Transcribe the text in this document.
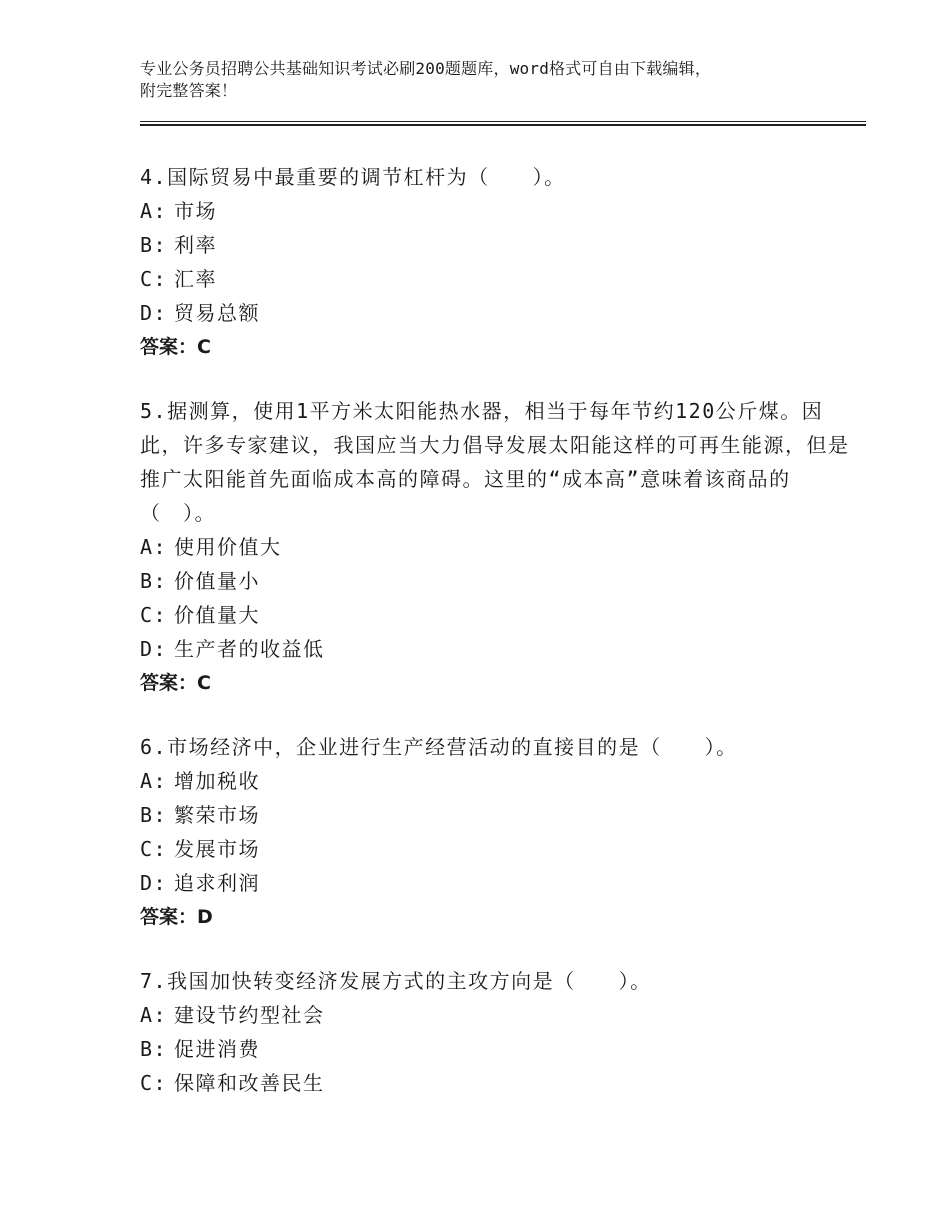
专业公务员招聘公共基础知识考试必刷200题题库，word格式可自由下载编辑，
附完整答案！
4.国际贸易中最重要的调节杠杆为（　　）。
A: 市场
B: 利率
C: 汇率
D: 贸易总额
答案：C
5.据测算，使用1平方米太阳能热水器，相当于每年节约120公斤煤。因此，许多专家建议，我国应当大力倡导发展太阳能这样的可再生能源，但是推广太阳能首先面临成本高的障碍。这里的“成本高”意味着该商品的（　）。
A: 使用价值大
B: 价值量小
C: 价值量大
D: 生产者的收益低
答案：C
6.市场经济中，企业进行生产经营活动的直接目的是（　　）。
A: 增加税收
B: 繁荣市场
C: 发展市场
D: 追求利润
答案：D
7.我国加快转变经济发展方式的主攻方向是（　　）。
A: 建设节约型社会
B: 促进消费
C: 保障和改善民生
